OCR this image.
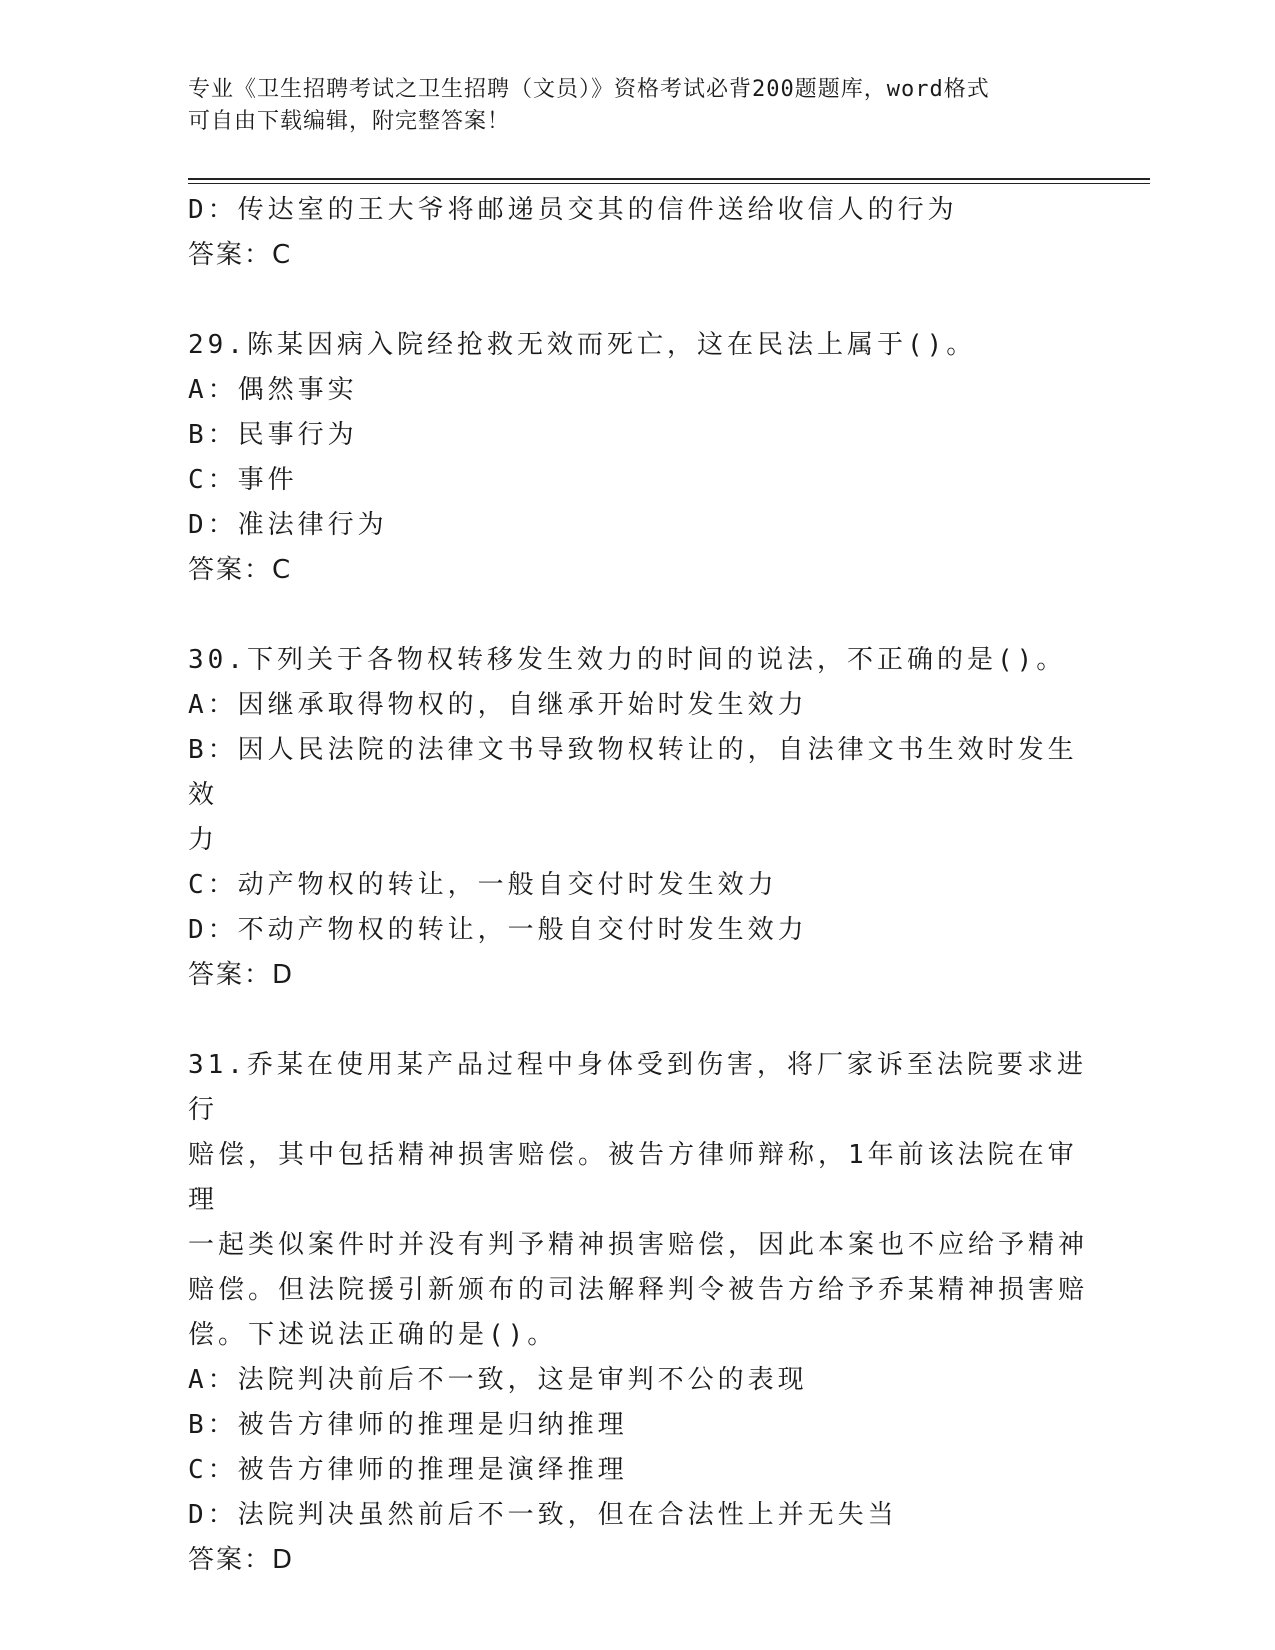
专业《卫生招聘考试之卫生招聘（文员）》资格考试必背200题题库，word格式
可自由下载编辑，附完整答案！

D：传达室的王大爷将邮递员交其的信件送给收信人的行为

答案：C

29.陈某因病入院经抢救无效而死亡，这在民法上属于()。

A：偶然事实

B：民事行为

C：事件

D：准法律行为

答案：C

30.下列关于各物权转移发生效力的时间的说法，不正确的是()。

A：因继承取得物权的，自继承开始时发生效力

B：因人民法院的法律文书导致物权转让的，自法律文书生效时发生效

力

C：动产物权的转让，一般自交付时发生效力

D：不动产物权的转让，一般自交付时发生效力

答案：D

31.乔某在使用某产品过程中身体受到伤害，将厂家诉至法院要求进行

赔偿，其中包括精神损害赔偿。被告方律师辩称，1年前该法院在审理

一起类似案件时并没有判予精神损害赔偿，因此本案也不应给予精神

赔偿。但法院援引新颁布的司法解释判令被告方给予乔某精神损害赔

偿。下述说法正确的是()。

A：法院判决前后不一致，这是审判不公的表现

B：被告方律师的推理是归纳推理

C：被告方律师的推理是演绎推理

D：法院判决虽然前后不一致，但在合法性上并无失当

答案：D
